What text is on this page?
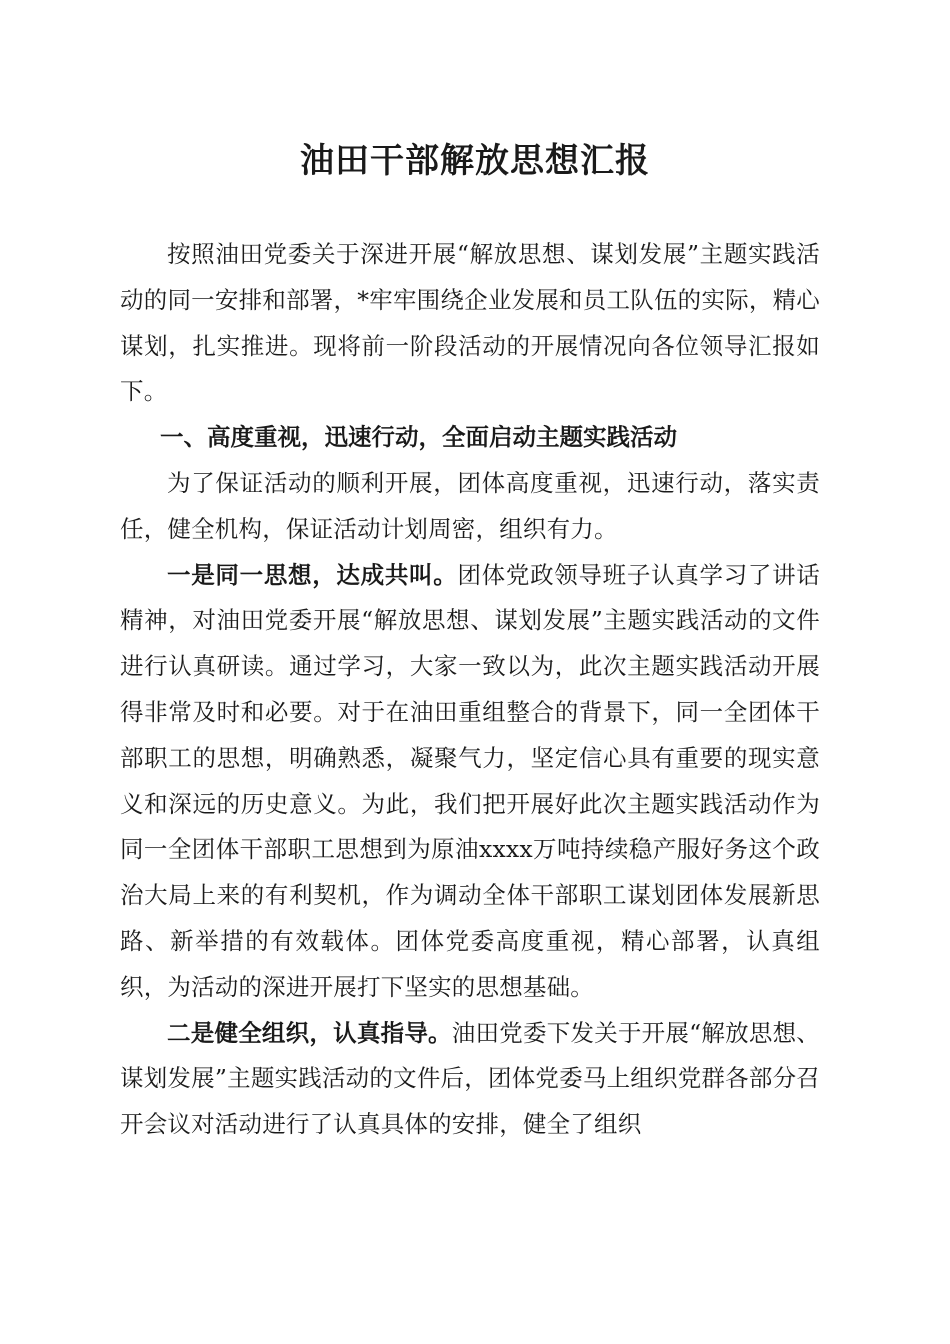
油田干部解放思想汇报

按照油田党委关于深进开展“解放思想、谋划发展”主题实践活动的同一安排和部署，*牢牢围绕企业发展和员工队伍的实际，精心谋划，扎实推进。现将前一阶段活动的开展情况向各位领导汇报如下。

一、高度重视，迅速行动，全面启动主题实践活动

为了保证活动的顺利开展，团体高度重视，迅速行动，落实责任，健全机构，保证活动计划周密，组织有力。

一是同一思想，达成共叫。团体党政领导班子认真学习了讲话精神，对油田党委开展“解放思想、谋划发展”主题实践活动的文件进行认真研读。通过学习，大家一致以为，此次主题实践活动开展得非常及时和必要。对于在油田重组整合的背景下，同一全团体干部职工的思想，明确熟悉，凝聚气力，坚定信心具有重要的现实意义和深远的历史意义。为此，我们把开展好此次主题实践活动作为同一全团体干部职工思想到为原油xxxx万吨持续稳产服好务这个政治大局上来的有利契机，作为调动全体干部职工谋划团体发展新思路、新举措的有效载体。团体党委高度重视，精心部署，认真组织，为活动的深进开展打下坚实的思想基础。

二是健全组织，认真指导。油田党委下发关于开展“解放思想、谋划发展”主题实践活动的文件后，团体党委马上组织党群各部分召开会议对活动进行了认真具体的安排，健全了组织
